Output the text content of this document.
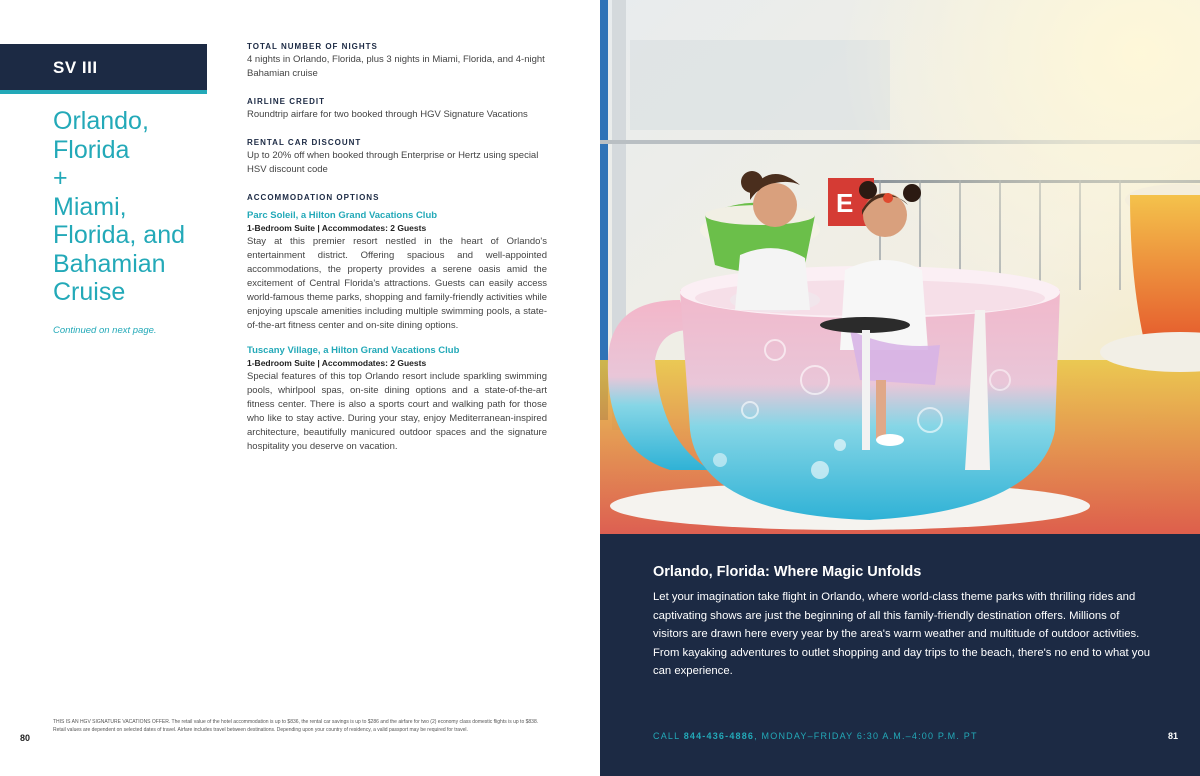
SV III
Orlando,
Florida
+
Miami,
Florida, and
Bahamian
Cruise
Continued on next page.

TOTAL NUMBER OF NIGHTS

4 nights in Orlando, Florida, plus 3 nights in Miami, Florida, and 4-night Bahamian cruise

AIRLINE CREDIT

Roundtrip airfare for two booked through HGV Signature Vacations

RENTAL CAR DISCOUNT

Up to 20% off when booked through Enterprise or Hertz using special HSV discount code

ACCOMMODATION OPTIONS

Parc Soleil, a Hilton Grand Vacations Club

1-Bedroom Suite | Accommodates: 2 Guests

Stay at this premier resort nestled in the heart of Orlando's entertainment district. Offering spacious and well-appointed accommodations, the property provides a serene oasis amid the excitement of Central Florida's attractions. Guests can easily access world-famous theme parks, shopping and family-friendly activities while enjoying upscale amenities including multiple swimming pools, a state-of-the-art fitness center and on-site dining options.

Tuscany Village, a Hilton Grand Vacations Club

1-Bedroom Suite | Accommodates: 2 Guests

Special features of this top Orlando resort include sparkling swimming pools, whirlpool spas, on-site dining options and a state-of-the-art fitness center. There is also a sports court and walking path for those who like to stay active. During your stay, enjoy Mediterranean-inspired architecture, beautifully manicured outdoor spaces and the signature hospitality you deserve on vacation.

80
THIS IS AN HGV SIGNATURE VACATIONS OFFER. The retail value of the hotel accommodation is up to $836, the rental car savings is up to $286 and the airfare for two (2) economy class domestic flights is up to $838. Retail values are dependent on selected dates of travel. Airfare includes travel between destinations. Depending upon your country of residency, a valid passport may be required for travel.
E
Orlando, Florida: Where Magic Unfolds

Let your imagination take flight in Orlando, where world-class theme parks with thrilling rides and captivating shows are just the beginning of all this family-friendly destination offers. Millions of visitors are drawn here every year by the area's warm weather and multitude of outdoor activities. From kayaking adventures to outlet shopping and day trips to the beach, there's no end to what you can experience.

CALL 844-436-4886, MONDAY–FRIDAY 6:30 A.M.–4:00 P.M. PT	81
